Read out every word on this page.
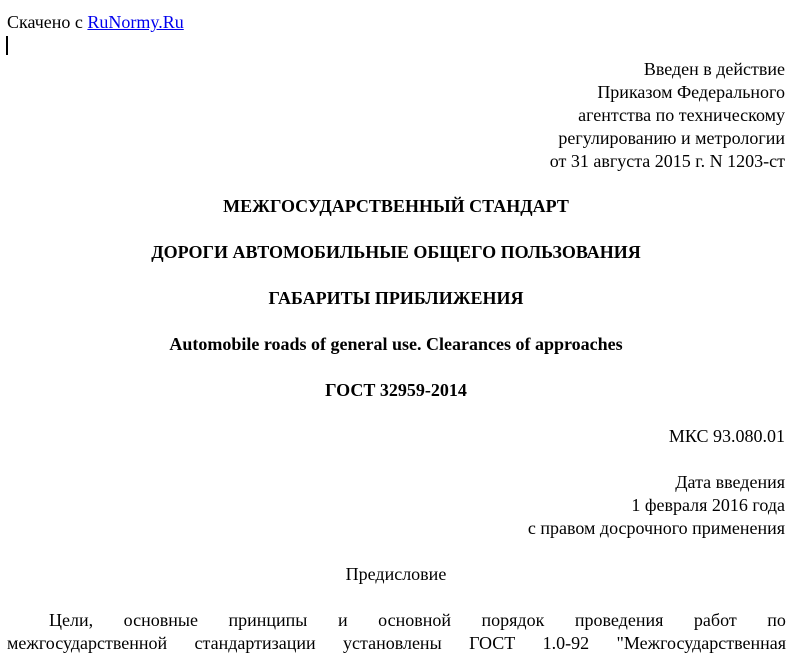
Скачено с RuNormy.Ru
Введен в действие
Приказом Федерального
агентства по техническому
регулированию и метрологии
от 31 августа 2015 г. N 1203-ст
МЕЖГОСУДАРСТВЕННЫЙ СТАНДАРТ
ДОРОГИ АВТОМОБИЛЬНЫЕ ОБЩЕГО ПОЛЬЗОВАНИЯ
ГАБАРИТЫ ПРИБЛИЖЕНИЯ
Automobile roads of general use. Clearances of approaches
ГОСТ 32959-2014
МКС 93.080.01
Дата введения
1 февраля 2016 года
с правом досрочного применения
Предисловие
Цели, основные принципы и основной порядок проведения работ по
межгосударственной стандартизации установлены ГОСТ 1.0-92 "Межгосударственная
